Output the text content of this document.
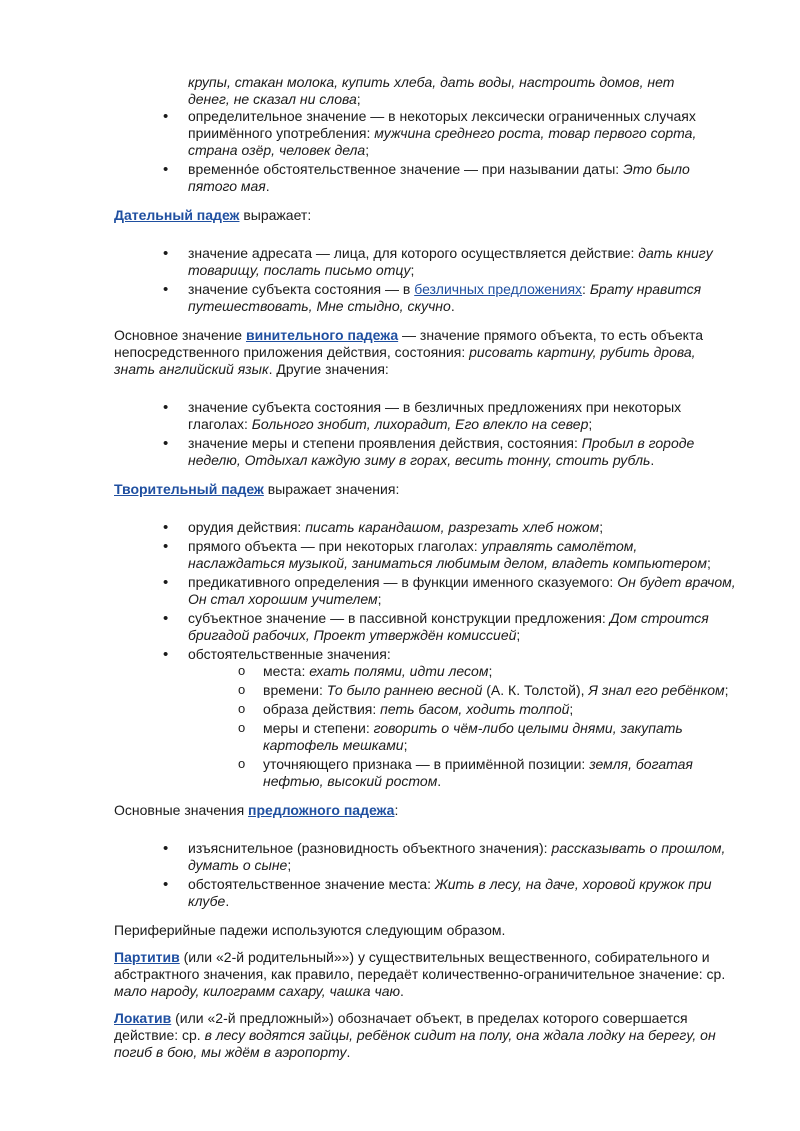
крупы, стакан молока, купить хлеба, дать воды, настроить домов, нет
денег, не сказал ни слова;
• определительное значение — в некоторых лексически ограниченных случаях приимённого употребления: мужчина среднего роста, товар первого сорта, страна озёр, человек дела;
• временно́е обстоятельственное значение — при назывании даты: Это было пятого мая.

Дательный падеж выражает:

• значение адресата — лица, для которого осуществляется действие: дать книгу товарищу, послать письмо отцу;
• значение субъекта состояния — в безличных предложениях: Брату нравится путешествовать, Мне стыдно, скучно.

Основное значение винительного падежа — значение прямого объекта, то есть объекта непосредственного приложения действия, состояния: рисовать картину, рубить дрова, знать английский язык. Другие значения:

• значение субъекта состояния — в безличных предложениях при некоторых глаголах: Больного знобит, лихорадит, Его влекло на север;
• значение меры и степени проявления действия, состояния: Пробыл в городе неделю, Отдыхал каждую зиму в горах, весить тонну, стоить рубль.

Творительный падеж выражает значения:

• орудия действия: писать карандашом, разрезать хлеб ножом;
• прямого объекта — при некоторых глаголах: управлять самолётом, наслаждаться музыкой, заниматься любимым делом, владеть компьютером;
• предикативного определения — в функции именного сказуемого: Он будет врачом, Он стал хорошим учителем;
• субъектное значение — в пассивной конструкции предложения: Дом строится бригадой рабочих, Проект утверждён комиссией;
• обстоятельственные значения:
o места: ехать полями, идти лесом;
o времени: То было раннею весной (А. К. Толстой), Я знал его ребёнком;
o образа действия: петь басом, ходить толпой;
o меры и степени: говорить о чём-либо целыми днями, закупать картофель мешками;
o уточняющего признака — в приимённой позиции: земля, богатая нефтью, высокий ростом.

Основные значения предложного падежа:

• изъяснительное (разновидность объектного значения): рассказывать о прошлом, думать о сыне;
• обстоятельственное значение места: Жить в лесу, на даче, хоровой кружок при клубе.

Периферийные падежи используются следующим образом.

Партитив (или «2-й родительный»») у существительных вещественного, собирательного и абстрактного значения, как правило, передаёт количественно-ограничительное значение: ср. мало народу, килограмм сахару, чашка чаю.

Локатив (или «2-й предложный») обозначает объект, в пределах которого совершается действие: ср. в лесу водятся зайцы, ребёнок сидит на полу, она ждала лодку на берегу, он погиб в бою, мы ждём в аэропорту.
